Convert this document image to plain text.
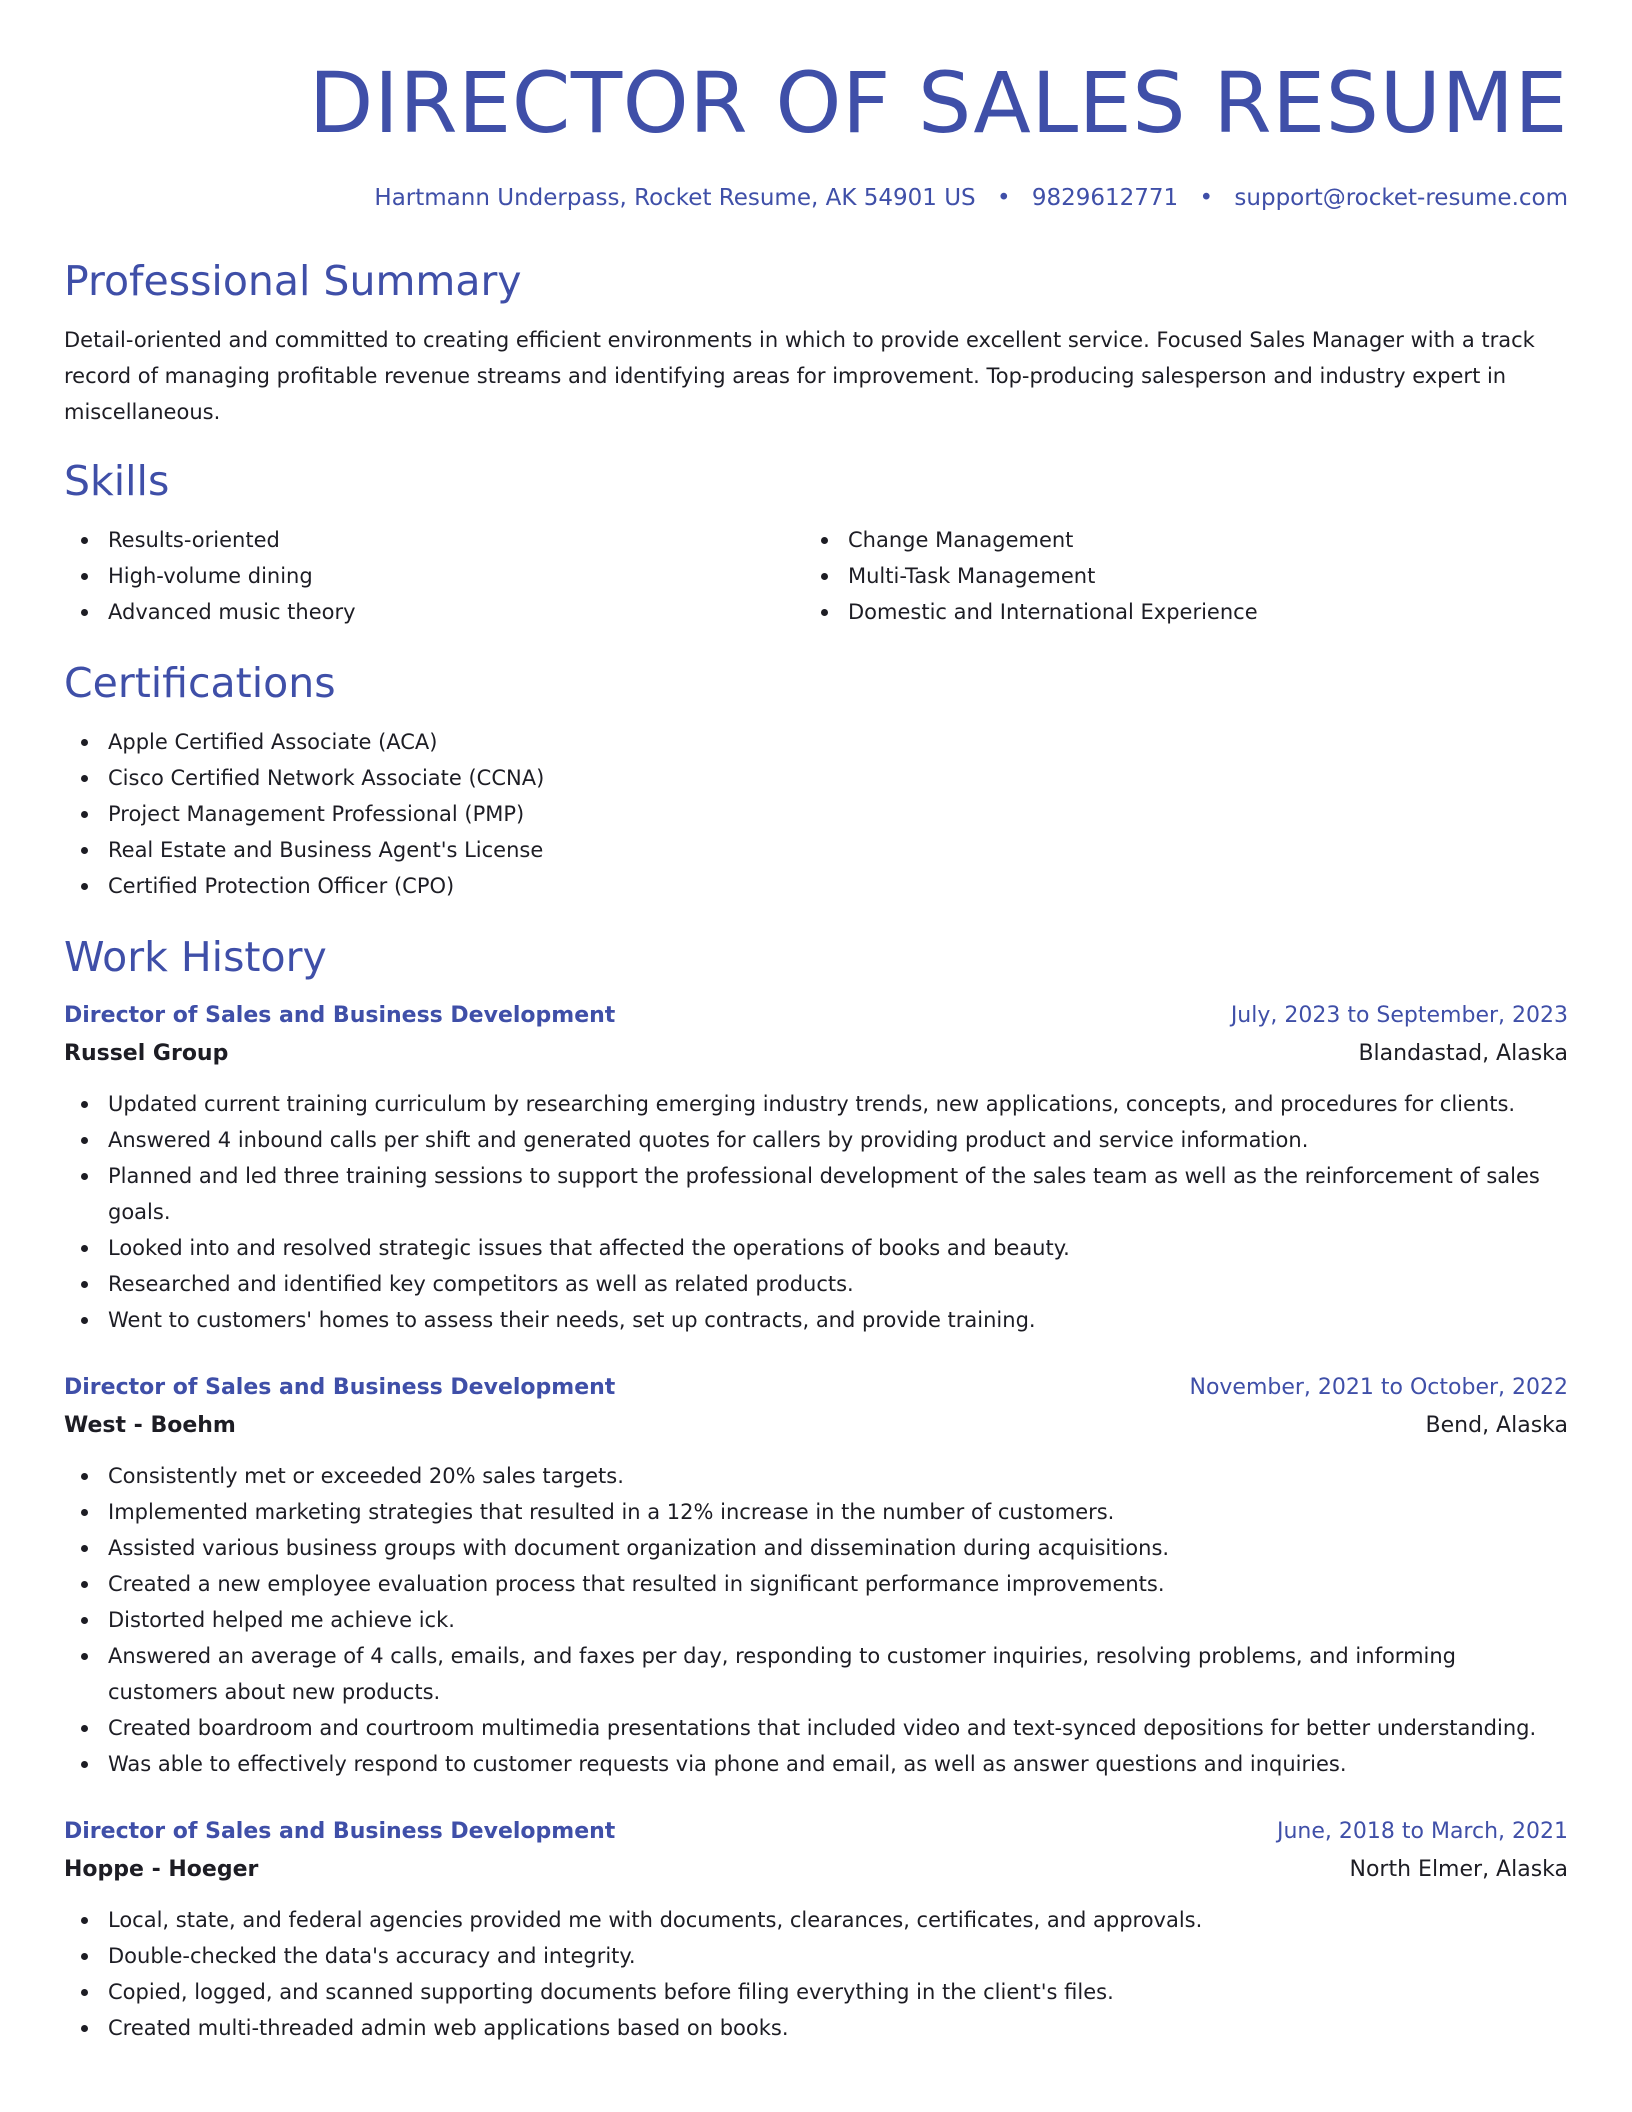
DIRECTOR OF SALES RESUME
Hartmann Underpass, Rocket Resume, AK 54901 US • 9829612771 • support@rocket-resume.com
Professional Summary

Detail-oriented and committed to creating efficient environments in which to provide excellent service. Focused Sales Manager with a track record of managing profitable revenue streams and identifying areas for improvement. Top-producing salesperson and industry expert in miscellaneous.

Skills
Results-oriented
High-volume dining
Advanced music theory
Change Management
Multi-Task Management
Domestic and International Experience
Certifications
Apple Certified Associate (ACA)
Cisco Certified Network Associate (CCNA)
Project Management Professional (PMP)
Real Estate and Business Agent's License
Certified Protection Officer (CPO)
Work History
Director of Sales and Business Development	July, 2023 to September, 2023
Russel Group	Blandastad, Alaska
Updated current training curriculum by researching emerging industry trends, new applications, concepts, and procedures for clients.
Answered 4 inbound calls per shift and generated quotes for callers by providing product and service information.
Planned and led three training sessions to support the professional development of the sales team as well as the reinforcement of sales goals.
Looked into and resolved strategic issues that affected the operations of books and beauty.
Researched and identified key competitors as well as related products.
Went to customers' homes to assess their needs, set up contracts, and provide training.
Director of Sales and Business Development	November, 2021 to October, 2022
West - Boehm	Bend, Alaska
Consistently met or exceeded 20% sales targets.
Implemented marketing strategies that resulted in a 12% increase in the number of customers.
Assisted various business groups with document organization and dissemination during acquisitions.
Created a new employee evaluation process that resulted in significant performance improvements.
Distorted helped me achieve ick.
Answered an average of 4 calls, emails, and faxes per day, responding to customer inquiries, resolving problems, and informing customers about new products.
Created boardroom and courtroom multimedia presentations that included video and text-synced depositions for better understanding.
Was able to effectively respond to customer requests via phone and email, as well as answer questions and inquiries.
Director of Sales and Business Development	June, 2018 to March, 2021
Hoppe - Hoeger	North Elmer, Alaska
Local, state, and federal agencies provided me with documents, clearances, certificates, and approvals.
Double-checked the data's accuracy and integrity.
Copied, logged, and scanned supporting documents before filing everything in the client's files.
Created multi-threaded admin web applications based on books.
